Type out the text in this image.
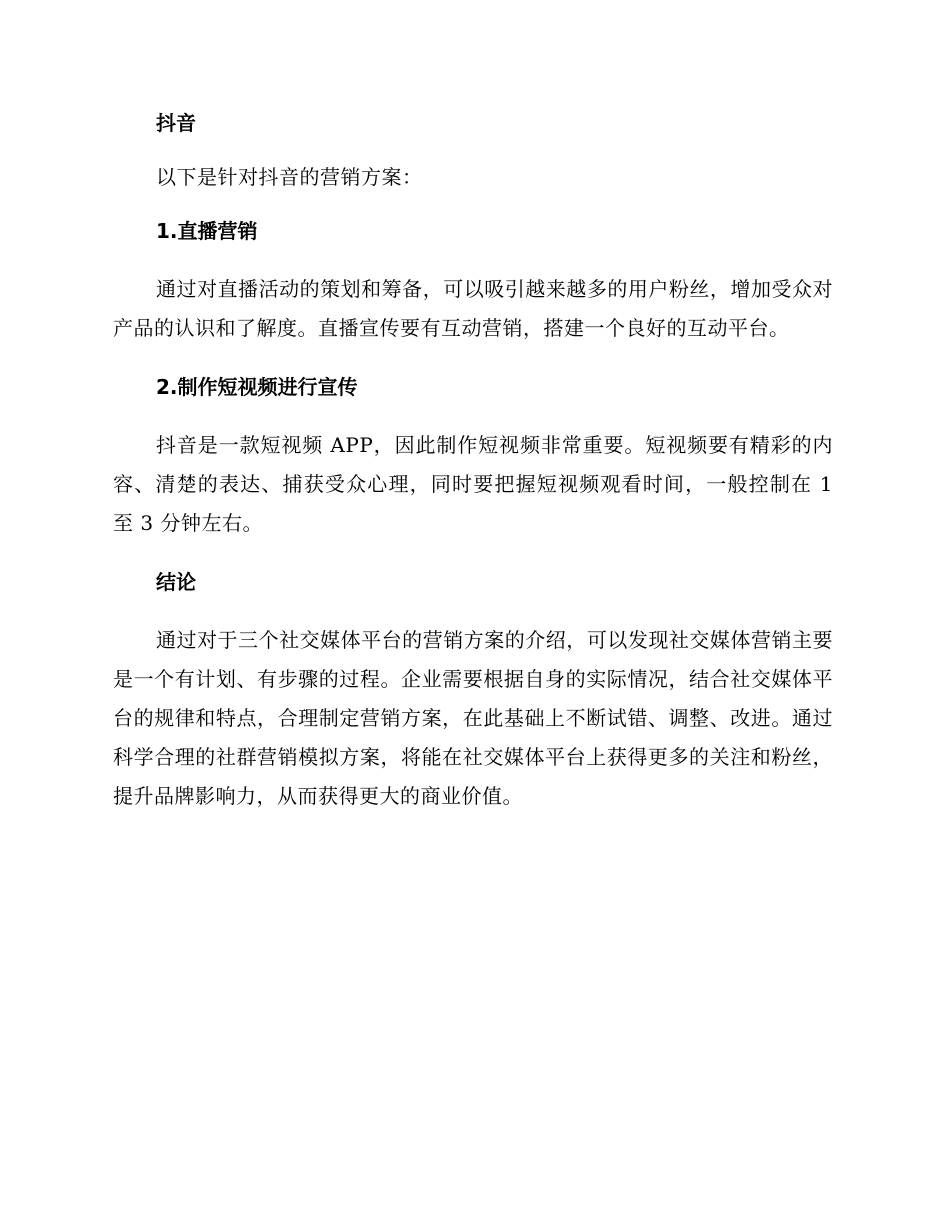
抖音

以下是针对抖音的营销方案：

1.直播营销

通过对直播活动的策划和筹备，可以吸引越来越多的用户粉丝，增加受众对产品的认识和了解度。直播宣传要有互动营销，搭建一个良好的互动平台。

2.制作短视频进行宣传

抖音是一款短视频 APP，因此制作短视频非常重要。短视频要有精彩的内容、清楚的表达、捕获受众心理，同时要把握短视频观看时间，一般控制在 1 至 3 分钟左右。

结论

通过对于三个社交媒体平台的营销方案的介绍，可以发现社交媒体营销主要是一个有计划、有步骤的过程。企业需要根据自身的实际情况，结合社交媒体平台的规律和特点，合理制定营销方案，在此基础上不断试错、调整、改进。通过科学合理的社群营销模拟方案，将能在社交媒体平台上获得更多的关注和粉丝，提升品牌影响力，从而获得更大的商业价值。
